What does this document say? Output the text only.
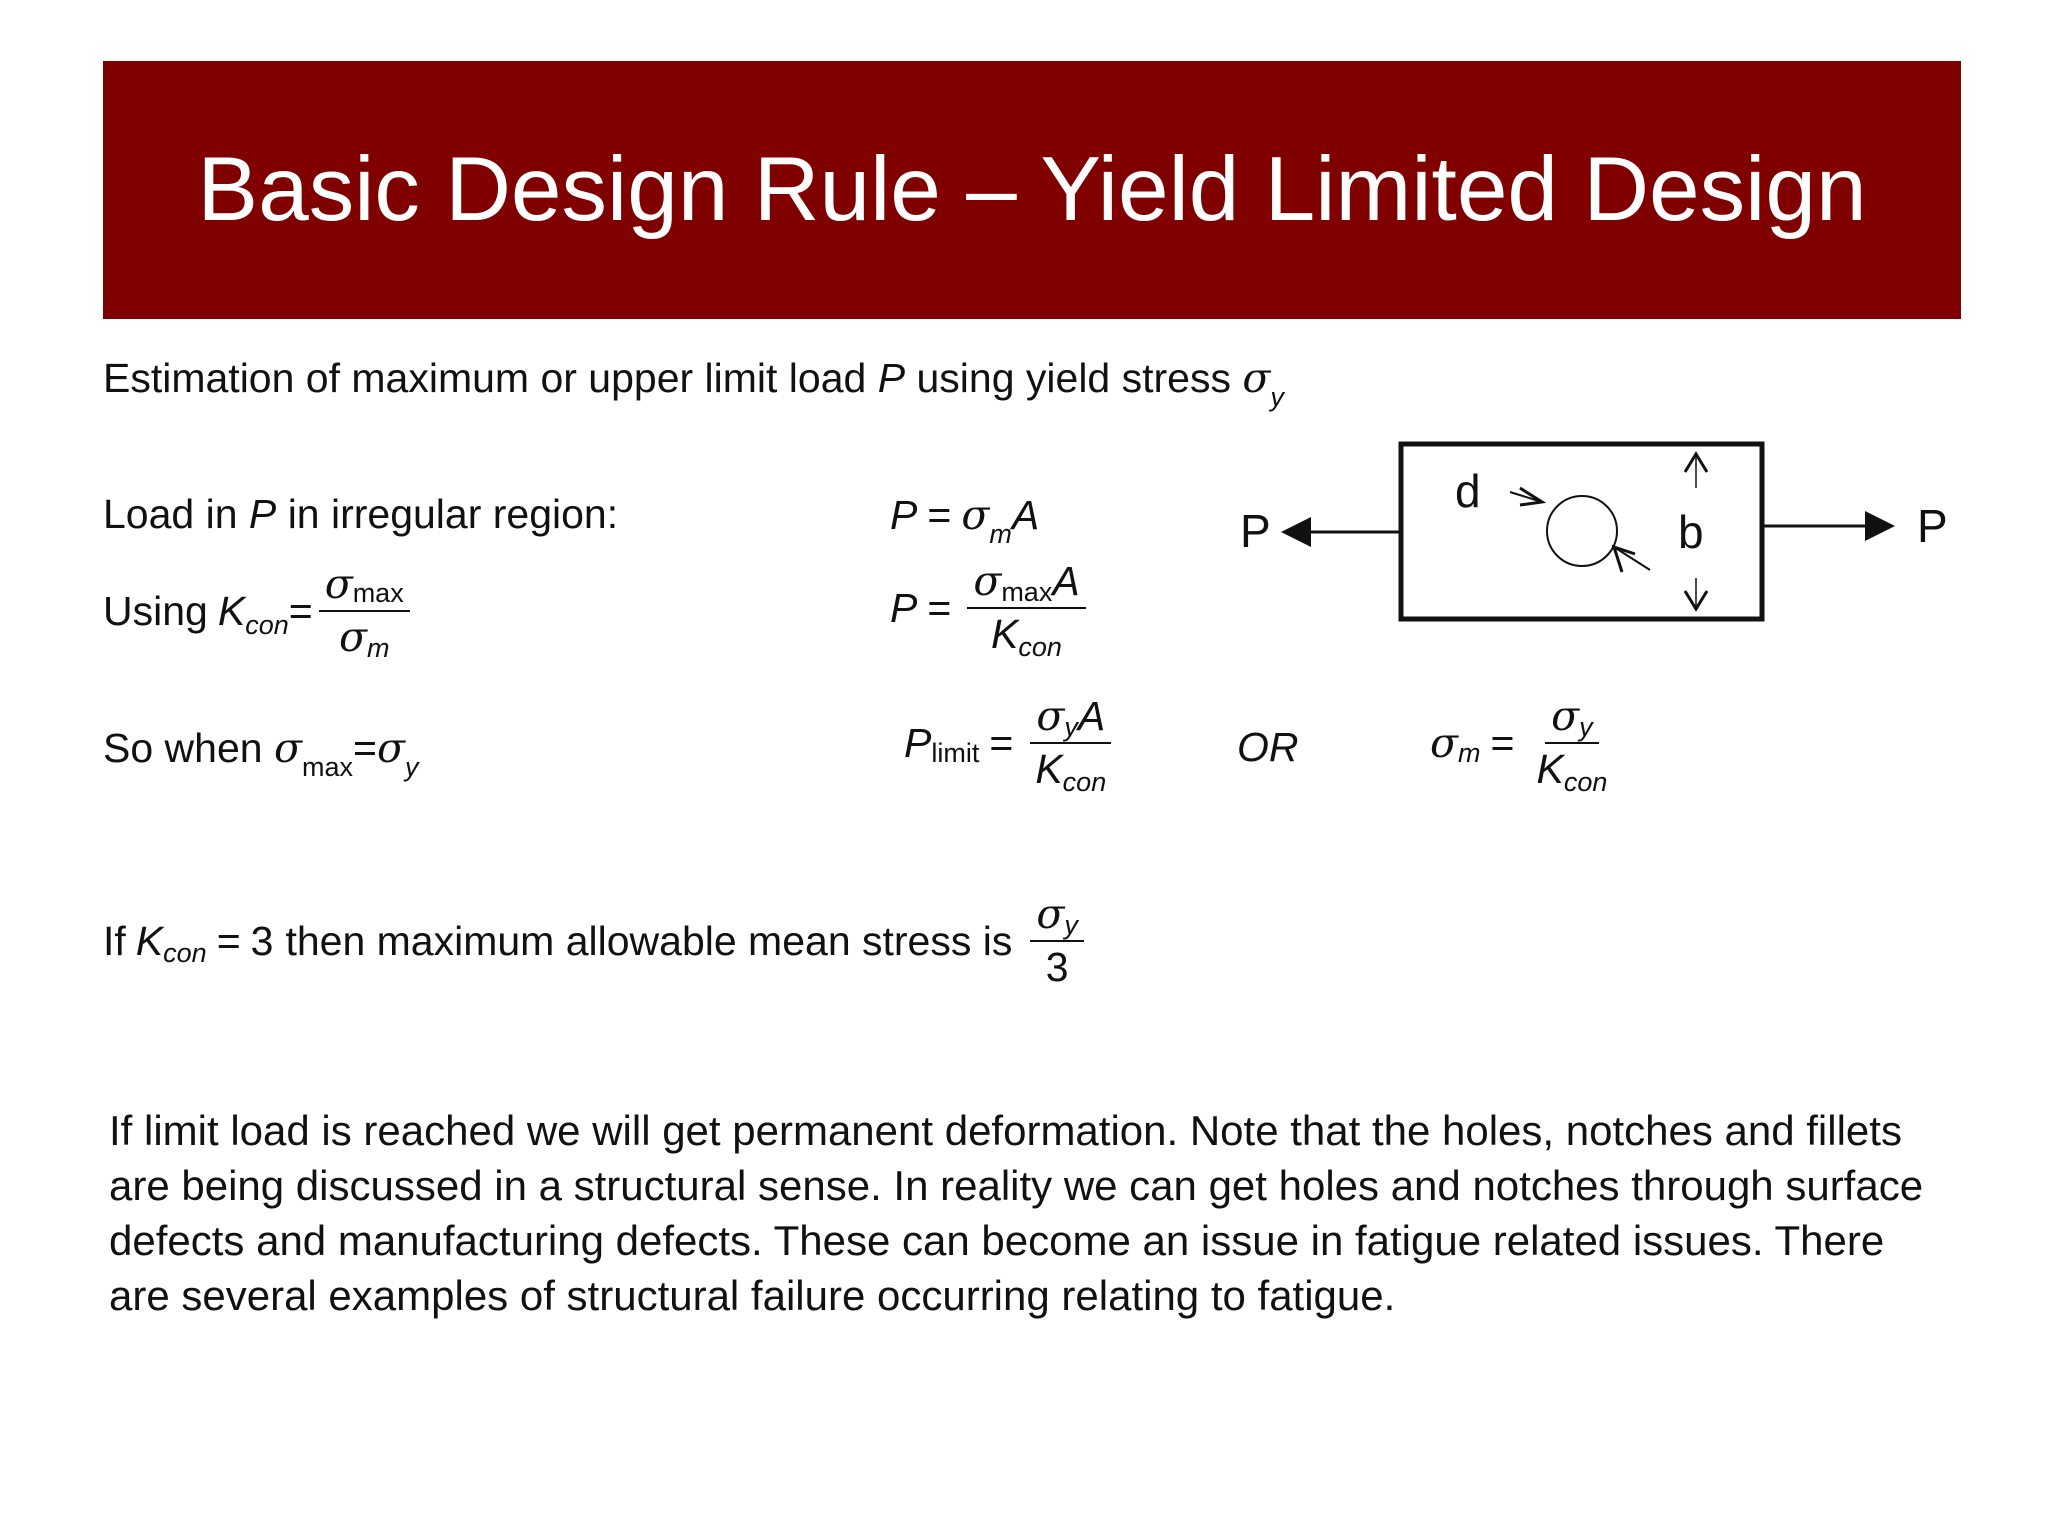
Basic Design Rule – Yield Limited Design
Estimation of maximum or upper limit load P using yield stress $\sigma_y$
Load in P in irregular region:	$P = \sigma_mA$
Using K con = $\frac{\sigma\max}{\sigma m}$	$P = \frac{\sigma\max A}{\text{Kcon}}$
So when $\sigma_{max}=\sigma_y$
P limit = $\frac{\text{σyA}}{\text{Kcon}}$	OR	σ $m = \frac{\sigma y}{\text{Kcon}}$
If K con = 3 then maximum allowable mean stress is $\frac{\sigma y}{3}$
P	P
d
b
If limit load is reached we will get permanent deformation. Note that the holes, notches and fillets are being discussed in a structural sense. In reality we can get holes and notches through surface defects and manufacturing defects. These can become an issue in fatigue related issues. There are several examples of structural failure occurring relating to fatigue.
